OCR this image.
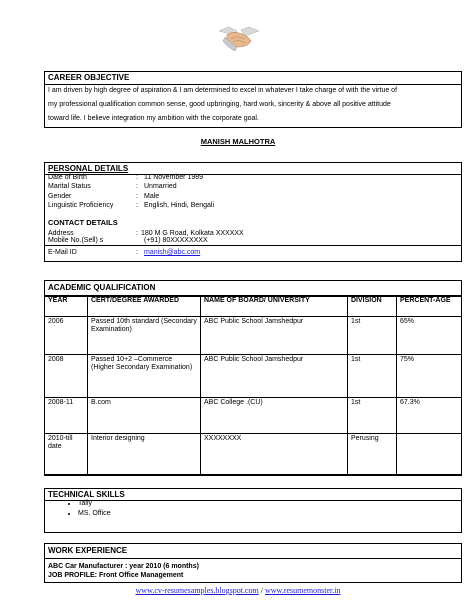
CAREER OBJECTIVE
I am driven by high degree of aspiration & I am determined to excel in whatever I take charge of with the virtue of
my professional qualification common sense, good upbringing, hard work, sincerity & above all positive attitude
toward life. I believe integration my ambition with the corporate goal.
MANISH MALHOTRA
PERSONAL DETAILS
Date of Birth	: 11 November 1989
Marital Status	: Unmarried
Gender	: Male
Linguistic Proficiency	: English, Hindi, Bengali
CONTACT DETAILS
Address	: 180 M G Road, Kolkata XXXXXX
Mobile No.(Sell) s	(+91) 80XXXXXXXX
E-Mail ID	: manish@abc.com
ACADEMIC QUALIFICATION
YEAR	CERT/DEGREE AWARDED	NAME OF BOARD/ UNIVERSITY	DIVISION	PERCENT-AGE
2006	Passed 10th standard (Secondary Examination)	ABC Public School Jamshedpur	1st	65%
2008	Passed 10+2 –Commerce (Higher Secondary Examination)	ABC Public School Jamshedpur	1st	75%
2008-11	B.com	ABC College .(CU)	1st	67.3%
2010-till date	Interior designing	XXXXXXXX	Perusing	
TECHNICAL SKILLS
• Tally
• MS. Office
WORK EXPERIENCE
ABC Car Manufacturer : year 2010 (6 months)
JOB PROFILE: Front Office Management
www.cv-resumesamples.blogspot.com / www.resumemonster.in
